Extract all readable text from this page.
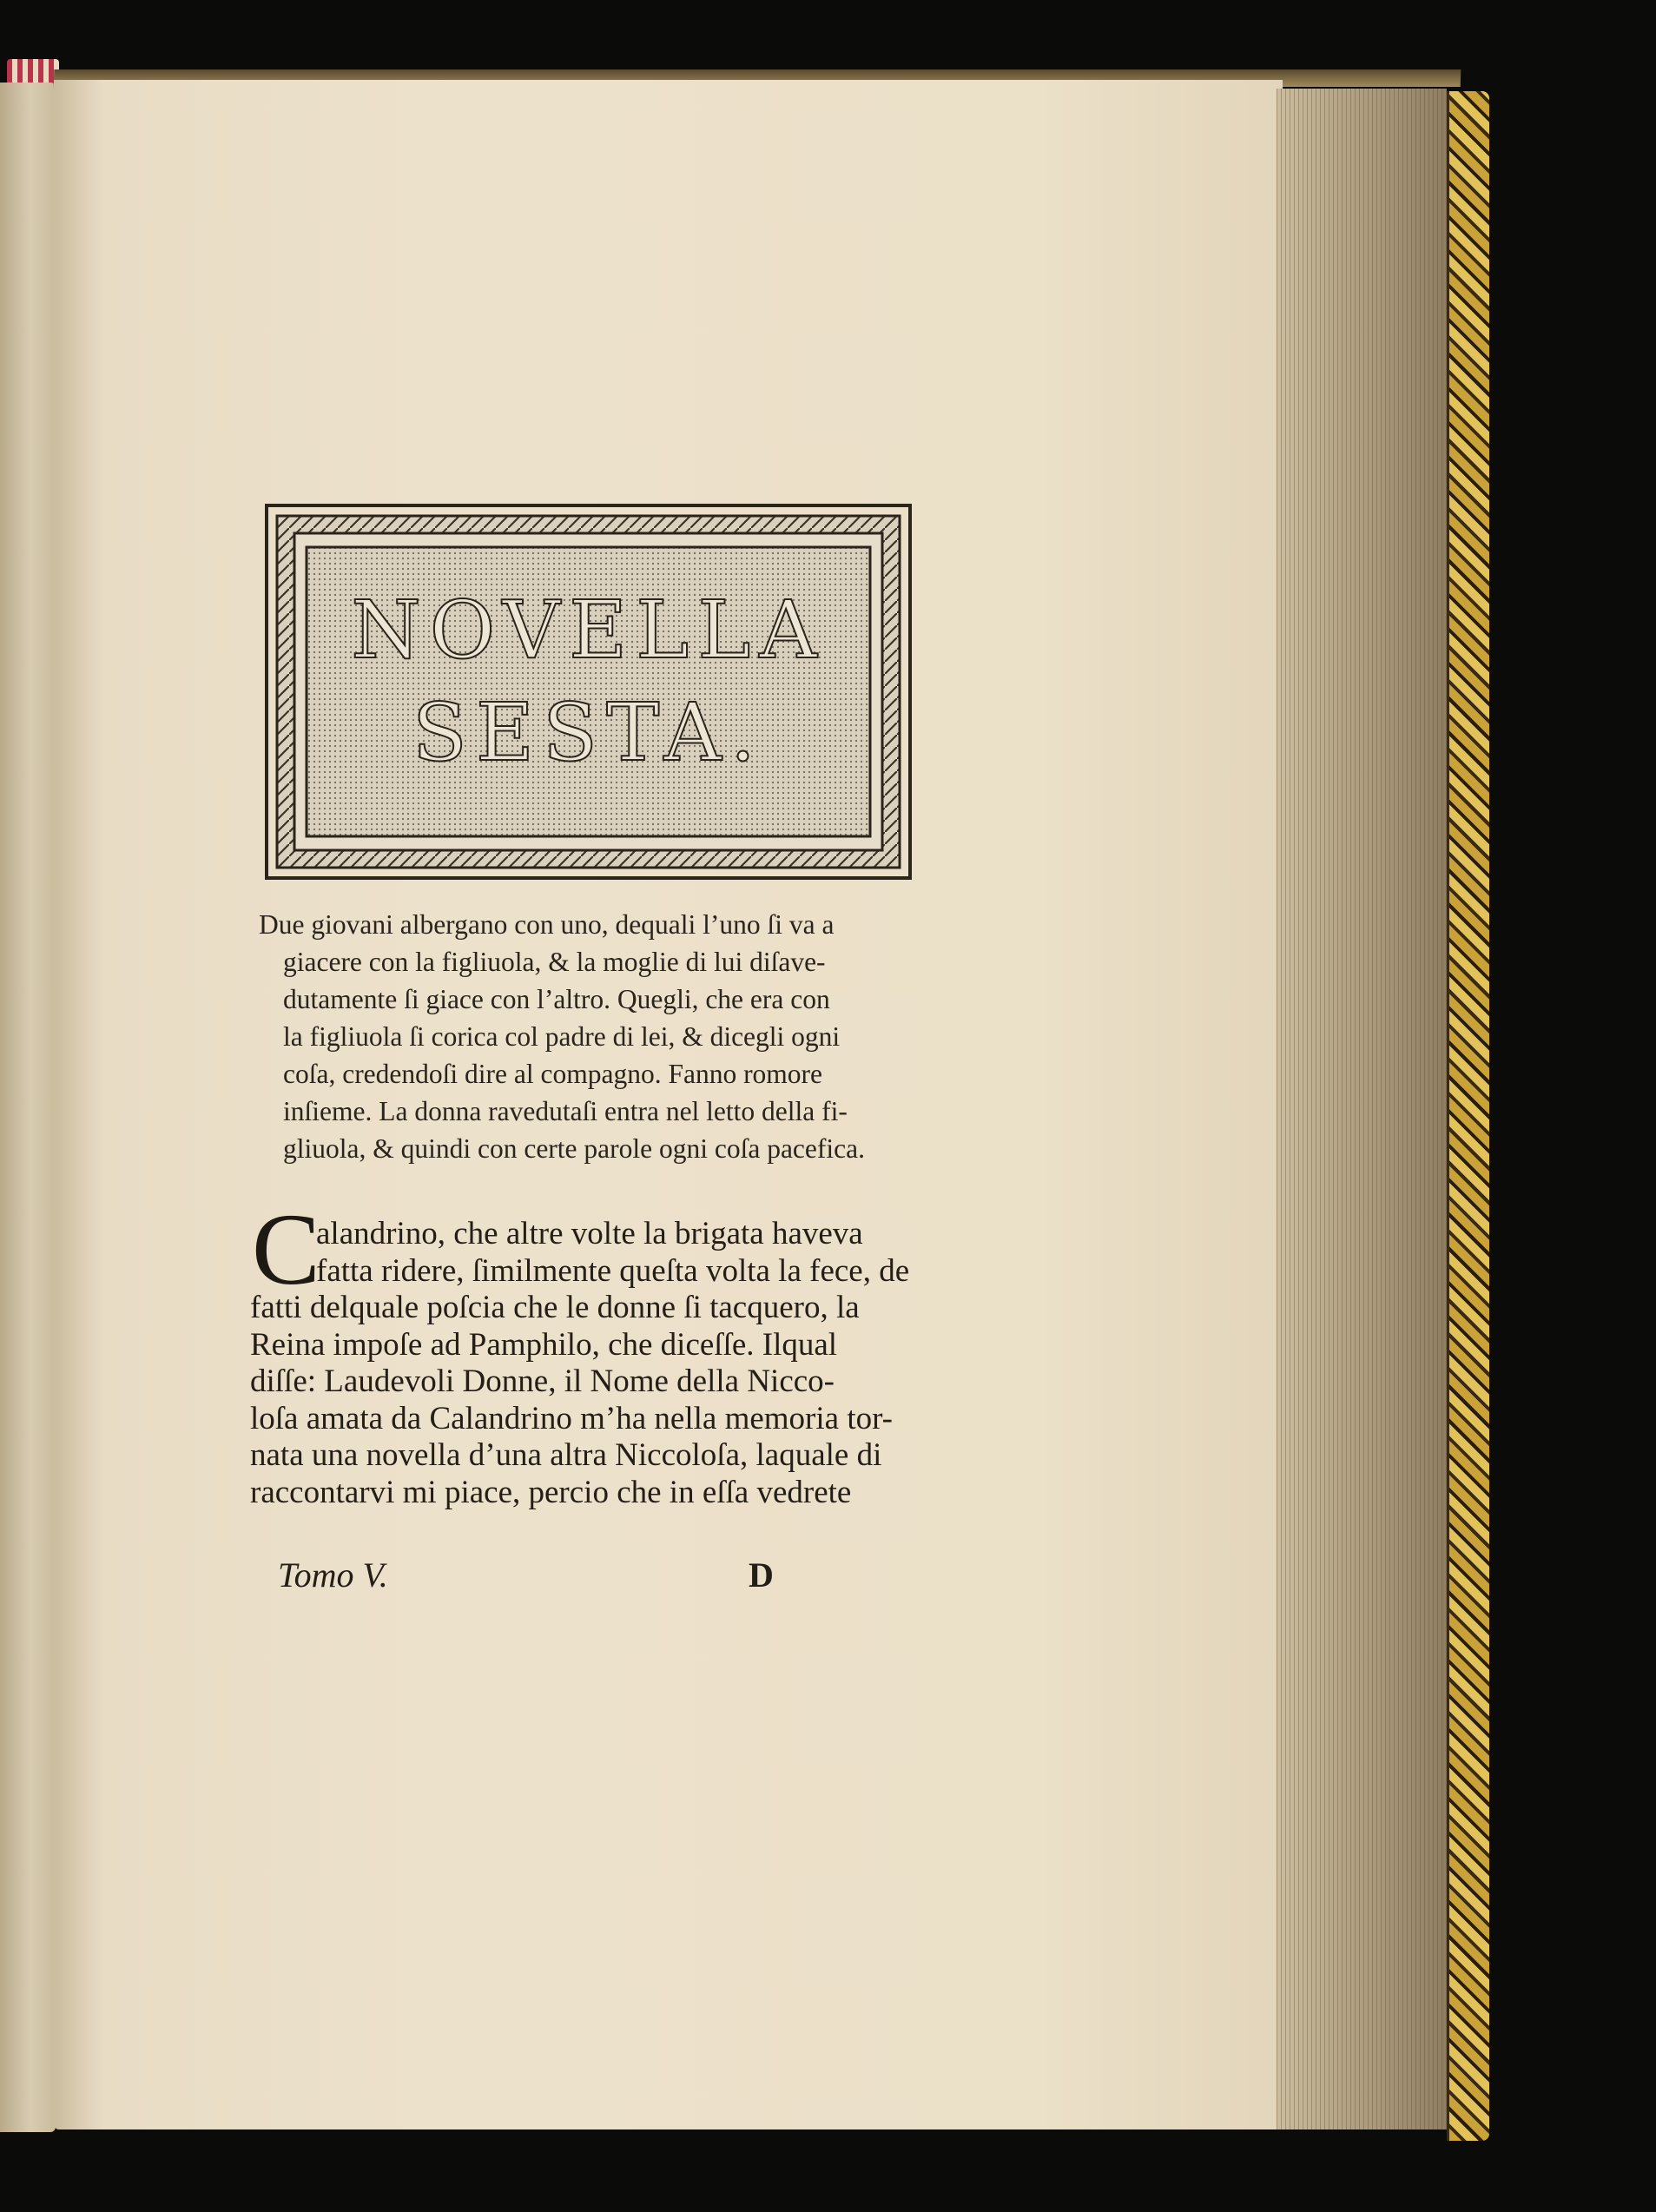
NOVELLA
SESTA.
Due giovani albergano con uno, dequali l’uno ſi va a
giacere con la figliuola, & la moglie di lui diſave-
dutamente ſi giace con l’altro. Quegli, che era con
la figliuola ſi corica col padre di lei, & dicegli ogni
coſa, credendoſi dire al compagno. Fanno romore
inſieme. La donna ravedutaſi entra nel letto della fi-
gliuola, & quindi con certe parole ogni coſa pacefica.
C
alandrino, che altre volte la brigata haveva
fatta ridere, ſimilmente queſta volta la fece, de
fatti delquale poſcia che le donne ſi tacquero, la
Reina impoſe ad Pamphilo, che diceſſe. Ilqual
diſſe: Laudevoli Donne, il Nome della Nicco-
loſa amata da Calandrino m’ha nella memoria tor-
nata una novella d’una altra Niccoloſa, laquale di
raccontarvi mi piace, percio che in eſſa vedrete
Tomo V.	D
